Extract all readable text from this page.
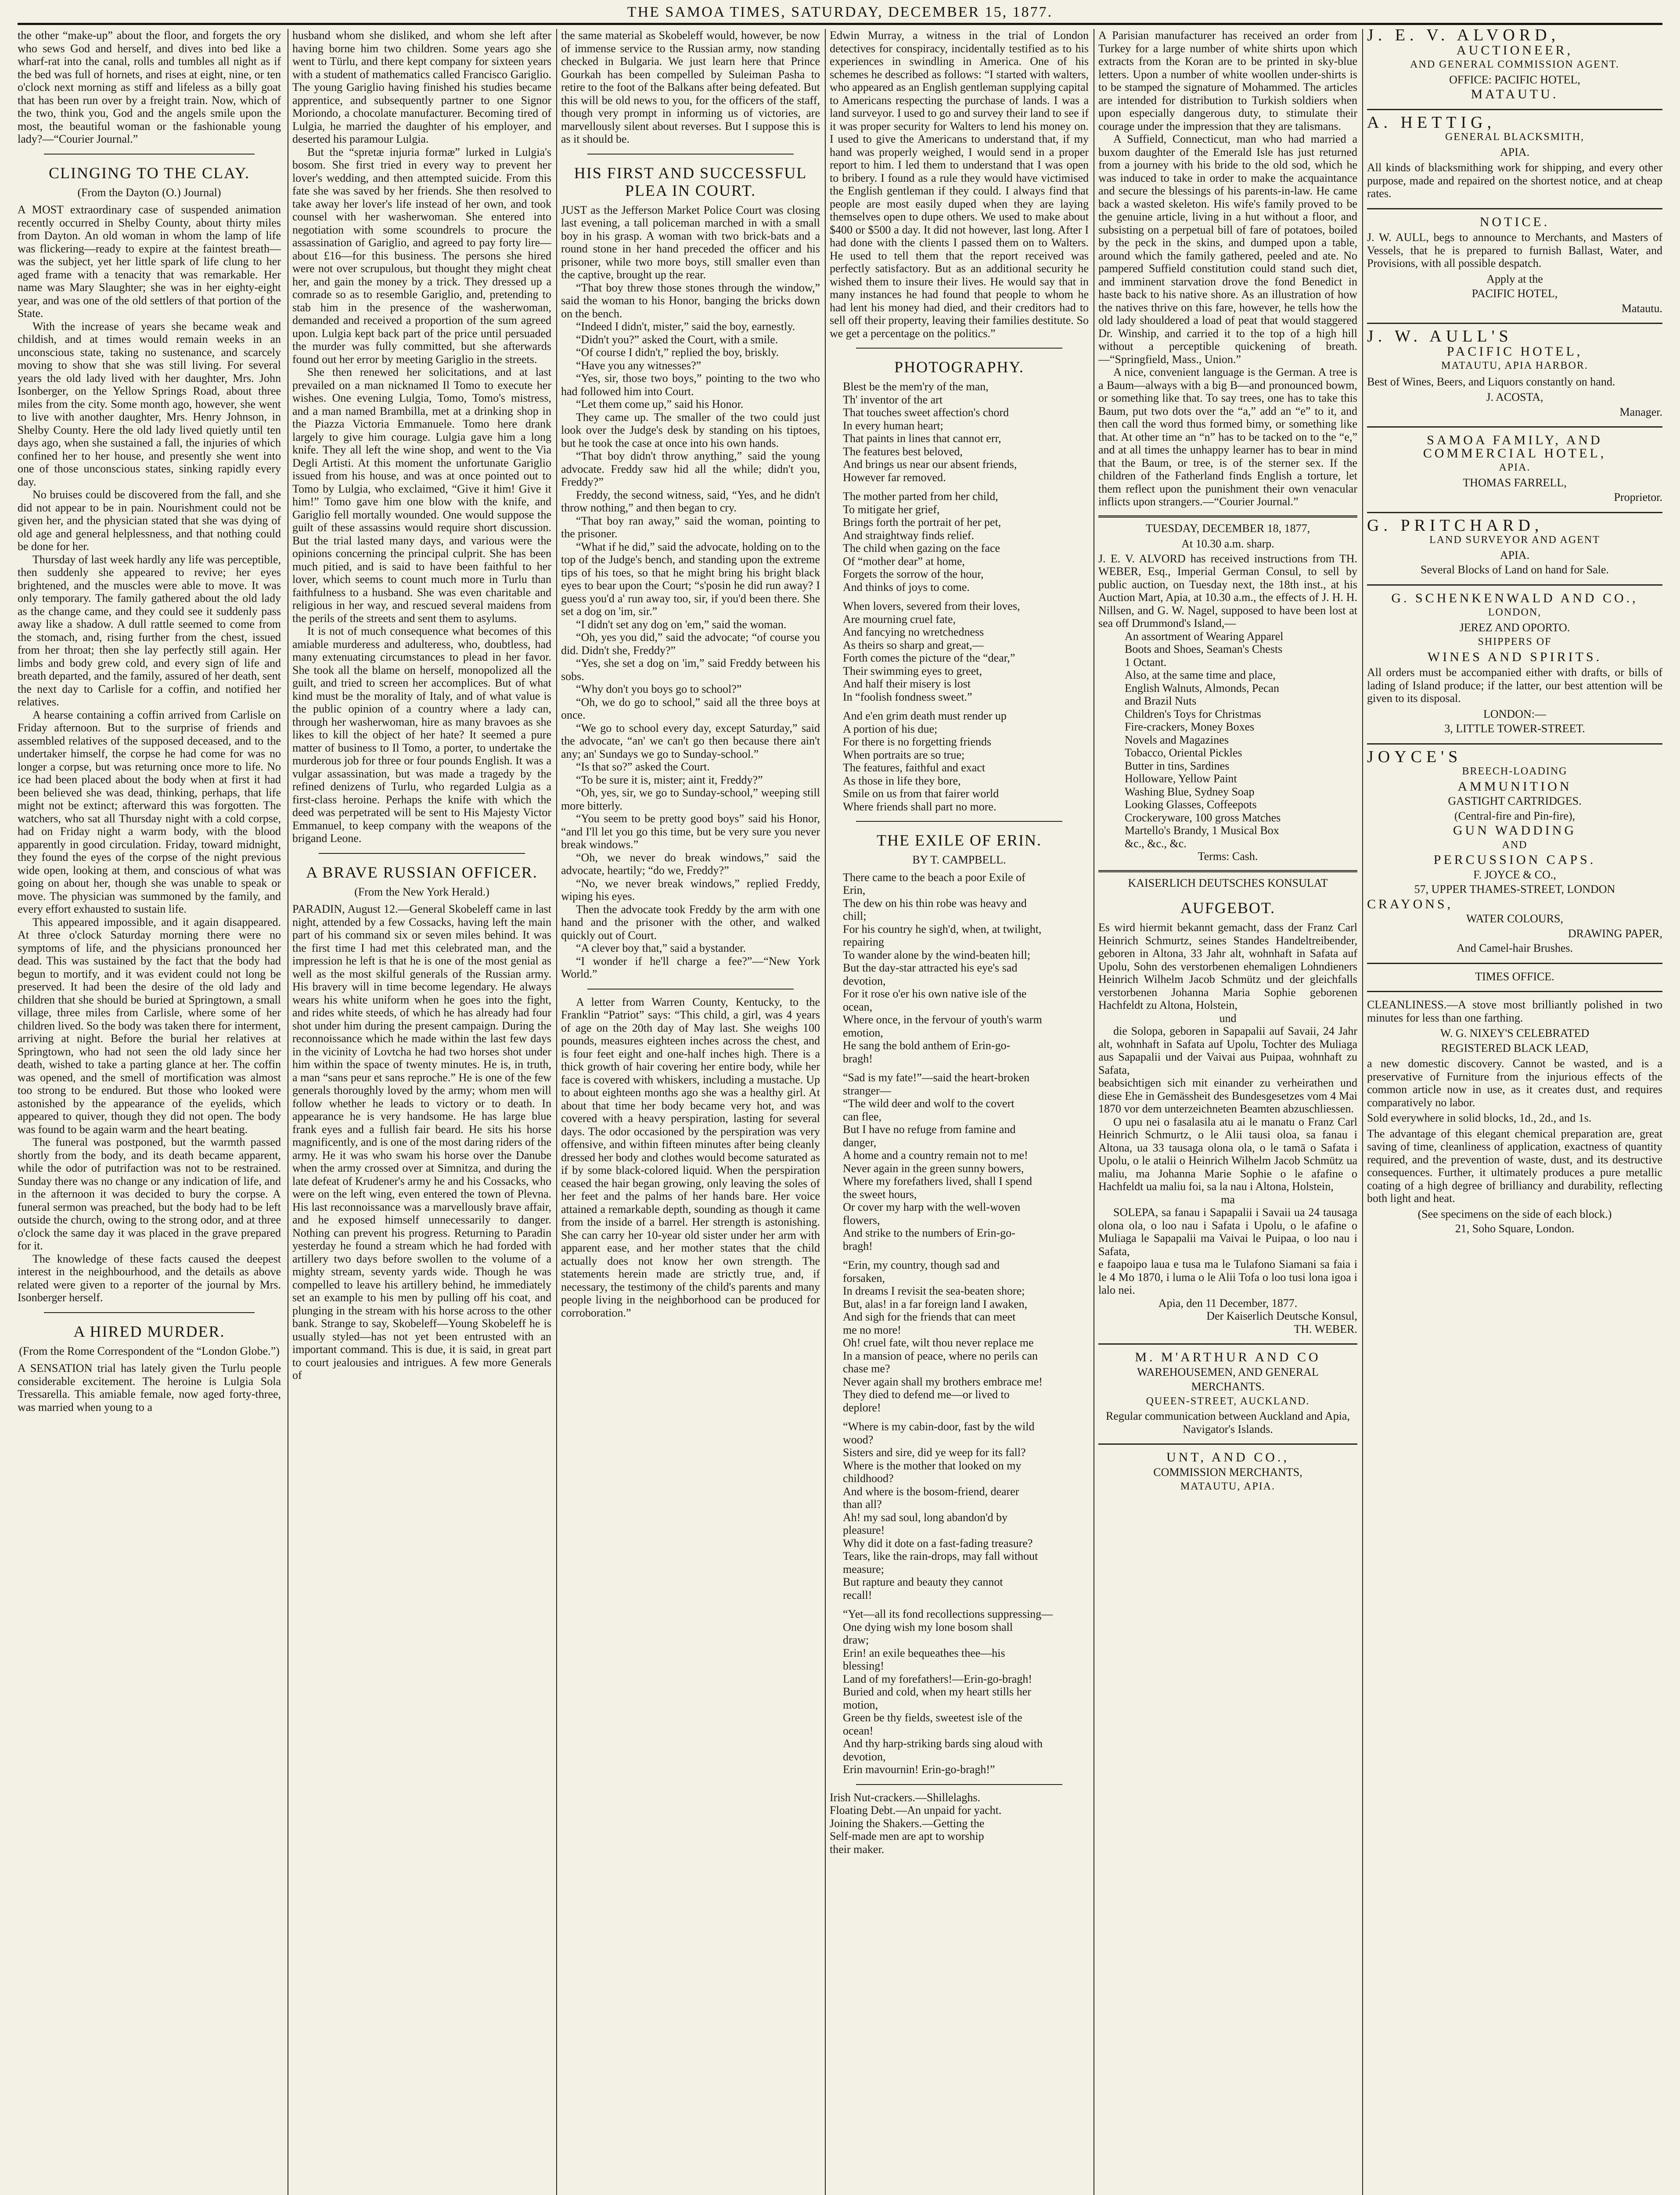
THE SAMOA TIMES, SATURDAY, DECEMBER 15, 1877.

the other “make-up” about the floor, and forgets the ory who sews God and herself, and dives into bed like a wharf-rat into the canal, rolls and tumbles all night as if the bed was full of hornets, and rises at eight, nine, or ten o'clock next morning as stiff and lifeless as a billy goat that has been run over by a freight train. Now, which of the two, think you, God and the angels smile upon the most, the beautiful woman or the fashionable young lady?—“Courier Journal.”

CLINGING TO THE CLAY.
(From the Dayton (O.) Journal)

A MOST extraordinary case of suspended animation recently occurred in Shelby County, about thirty miles from Dayton. An old woman in whom the lamp of life was flickering—ready to expire at the faintest breath—was the subject, yet her little spark of life clung to her aged frame with a tenacity that was remarkable. Her name was Mary Slaughter; she was in her eighty-eight year, and was one of the old settlers of that portion of the State.

With the increase of years she became weak and childish, and at times would remain weeks in an unconscious state, taking no sustenance, and scarcely moving to show that she was still living. For several years the old lady lived with her daughter, Mrs. John Isonberger, on the Yellow Springs Road, about three miles from the city. Some month ago, however, she went to live with another daughter, Mrs. Henry Johnson, in Shelby County. Here the old lady lived quietly until ten days ago, when she sustained a fall, the injuries of which confined her to her house, and presently she went into one of those unconscious states, sinking rapidly every day.

No bruises could be discovered from the fall, and she did not appear to be in pain. Nourishment could not be given her, and the physician stated that she was dying of old age and general helplessness, and that nothing could be done for her.

Thursday of last week hardly any life was perceptible, then suddenly she appeared to revive; her eyes brightened, and the muscles were able to move. It was only temporary. The family gathered about the old lady as the change came, and they could see it suddenly pass away like a shadow. A dull rattle seemed to come from the stomach, and, rising further from the chest, issued from her throat; then she lay perfectly still again. Her limbs and body grew cold, and every sign of life and breath departed, and the family, assured of her death, sent the next day to Carlisle for a coffin, and notified her relatives.

A hearse containing a coffin arrived from Carlisle on Friday afternoon. But to the surprise of friends and assembled relatives of the supposed deceased, and to the undertaker himself, the corpse he had come for was no longer a corpse, but was returning once more to life. No ice had been placed about the body when at first it had been believed she was dead, thinking, perhaps, that life might not be extinct; afterward this was forgotten. The watchers, who sat all Thursday night with a cold corpse, had on Friday night a warm body, with the blood apparently in good circulation. Friday, toward midnight, they found the eyes of the corpse of the night previous wide open, looking at them, and conscious of what was going on about her, though she was unable to speak or move. The physician was summoned by the family, and every effort exhausted to sustain life.

This appeared impossible, and it again disappeared. At three o'clock Saturday morning there were no symptoms of life, and the physicians pronounced her dead. This was sustained by the fact that the body had begun to mortify, and it was evident could not long be preserved. It had been the desire of the old lady and children that she should be buried at Springtown, a small village, three miles from Carlisle, where some of her children lived. So the body was taken there for interment, arriving at night. Before the burial her relatives at Springtown, who had not seen the old lady since her death, wished to take a parting glance at her. The coffin was opened, and the smell of mortification was almost too strong to be endured. But those who looked were astonished by the appearance of the eyelids, which appeared to quiver, though they did not open. The body was found to be again warm and the heart beating.

The funeral was postponed, but the warmth passed shortly from the body, and its death became apparent, while the odor of putrifaction was not to be restrained. Sunday there was no change or any indication of life, and in the afternoon it was decided to bury the corpse. A funeral sermon was preached, but the body had to be left outside the church, owing to the strong odor, and at three o'clock the same day it was placed in the grave prepared for it.

The knowledge of these facts caused the deepest interest in the neighbourhood, and the details as above related were given to a reporter of the journal by Mrs. Isonberger herself.

A HIRED MURDER.
(From the Rome Correspondent of the “London Globe.”)

A SENSATION trial has lately given the Turlu people considerable excitement. The heroine is Lulgia Sola Tressarella. This amiable female, now aged forty-three, was married when young to a

husband whom she disliked, and whom she left after having borne him two children. Some years ago she went to Türlu, and there kept company for sixteen years with a student of mathematics called Francisco Gariglio. The young Gariglio having finished his studies became apprentice, and subsequently partner to one Signor Moriondo, a chocolate manufacturer. Becoming tired of Lulgia, he married the daughter of his employer, and deserted his paramour Lulgia.

But the “spretæ injuria formæ” lurked in Lulgia's bosom. She first tried in every way to prevent her lover's wedding, and then attempted suicide. From this fate she was saved by her friends. She then resolved to take away her lover's life instead of her own, and took counsel with her washerwoman. She entered into negotiation with some scoundrels to procure the assassination of Gariglio, and agreed to pay forty lire—about £16—for this business. The persons she hired were not over scrupulous, but thought they might cheat her, and gain the money by a trick. They dressed up a comrade so as to resemble Gariglio, and, pretending to stab him in the presence of the washerwoman, demanded and received a proportion of the sum agreed upon. Lulgia kept back part of the price until persuaded the murder was fully committed, but she afterwards found out her error by meeting Gariglio in the streets.

She then renewed her solicitations, and at last prevailed on a man nicknamed Il Tomo to execute her wishes. One evening Lulgia, Tomo, Tomo's mistress, and a man named Brambilla, met at a drinking shop in the Piazza Victoria Emmanuele. Tomo here drank largely to give him courage. Lulgia gave him a long knife. They all left the wine shop, and went to the Via Degli Artisti. At this moment the unfortunate Gariglio issued from his house, and was at once pointed out to Tomo by Lulgia, who exclaimed, “Give it him! Give it him!” Tomo gave him one blow with the knife, and Gariglio fell mortally wounded. One would suppose the guilt of these assassins would require short discussion. But the trial lasted many days, and various were the opinions concerning the principal culprit. She has been much pitied, and is said to have been faithful to her lover, which seems to count much more in Turlu than faithfulness to a husband. She was even charitable and religious in her way, and rescued several maidens from the perils of the streets and sent them to asylums.

It is not of much consequence what becomes of this amiable murderess and adulteress, who, doubtless, had many extenuating circumstances to plead in her favor. She took all the blame on herself, monopolized all the guilt, and tried to screen her accomplices. But of what kind must be the morality of Italy, and of what value is the public opinion of a country where a lady can, through her washerwoman, hire as many bravoes as she likes to kill the object of her hate? It seemed a pure matter of business to Il Tomo, a porter, to undertake the murderous job for three or four pounds English. It was a vulgar assassination, but was made a tragedy by the refined denizens of Turlu, who regarded Lulgia as a first-class heroine. Perhaps the knife with which the deed was perpetrated will be sent to His Majesty Victor Emmanuel, to keep company with the weapons of the brigand Leone.

A BRAVE RUSSIAN OFFICER.
(From the New York Herald.)

PARADIN, August 12.—General Skobeleff came in last night, attended by a few Cossacks, having left the main part of his command six or seven miles behind. It was the first time I had met this celebrated man, and the impression he left is that he is one of the most genial as well as the most skilful generals of the Russian army. His bravery will in time become legendary. He always wears his white uniform when he goes into the fight, and rides white steeds, of which he has already had four shot under him during the present campaign. During the reconnoissance which he made within the last few days in the vicinity of Lovtcha he had two horses shot under him within the space of twenty minutes. He is, in truth, a man “sans peur et sans reproche.” He is one of the few generals thoroughly loved by the army; whom men will follow whether he leads to victory or to death. In appearance he is very handsome. He has large blue frank eyes and a fullish fair beard. He sits his horse magnificently, and is one of the most daring riders of the army. He it was who swam his horse over the Danube when the army crossed over at Simnitza, and during the late defeat of Krudener's army he and his Cossacks, who were on the left wing, even entered the town of Plevna. His last reconnoissance was a marvellously brave affair, and he exposed himself unnecessarily to danger. Nothing can prevent his progress. Returning to Paradin yesterday he found a stream which he had forded with artillery two days before swollen to the volume of a mighty stream, seventy yards wide. Though he was compelled to leave his artillery behind, he immediately set an example to his men by pulling off his coat, and plunging in the stream with his horse across to the other bank. Strange to say, Skobeleff—Young Skobeleff he is usually styled—has not yet been entrusted with an important command. This is due, it is said, in great part to court jealousies and intrigues. A few more Generals of

the same material as Skobeleff would, however, be now of immense service to the Russian army, now standing checked in Bulgaria. We just learn here that Prince Gourkah has been compelled by Suleiman Pasha to retire to the foot of the Balkans after being defeated. But this will be old news to you, for the officers of the staff, though very prompt in informing us of victories, are marvellously silent about reverses. But I suppose this is as it should be.

HIS FIRST AND SUCCESSFUL PLEA IN COURT.

JUST as the Jefferson Market Police Court was closing last evening, a tall policeman marched in with a small boy in his grasp. A woman with two brick-bats and a round stone in her hand preceded the officer and his prisoner, while two more boys, still smaller even than the captive, brought up the rear.

“That boy threw those stones through the window,” said the woman to his Honor, banging the bricks down on the bench.

“Indeed I didn't, mister,” said the boy, earnestly.

“Didn't you?” asked the Court, with a smile.

“Of course I didn't,” replied the boy, briskly.

“Have you any witnesses?”

“Yes, sir, those two boys,” pointing to the two who had followed him into Court.

“Let them come up,” said his Honor.

They came up. The smaller of the two could just look over the Judge's desk by standing on his tiptoes, but he took the case at once into his own hands.

“That boy didn't throw anything,” said the young advocate. Freddy saw hid all the while; didn't you, Freddy?”

Freddy, the second witness, said, “Yes, and he didn't throw nothing,” and then began to cry.

“That boy ran away,” said the woman, pointing to the prisoner.

“What if he did,” said the advocate, holding on to the top of the Judge's bench, and standing upon the extreme tips of his toes, so that he might bring his bright black eyes to bear upon the Court; “s'posin he did run away? I guess you'd a' run away too, sir, if you'd been there. She set a dog on 'im, sir.”

“I didn't set any dog on 'em,” said the woman.

“Oh, yes you did,” said the advocate; “of course you did. Didn't she, Freddy?”

“Yes, she set a dog on 'im,” said Freddy between his sobs.

“Why don't you boys go to school?”

“Oh, we do go to school,” said all the three boys at once.

“We go to school every day, except Saturday,” said the advocate, “an' we can't go then because there ain't any; an' Sundays we go to Sunday-school.”

“Is that so?” asked the Court.

“To be sure it is, mister; aint it, Freddy?”

“Oh, yes, sir, we go to Sunday-school,” weeping still more bitterly.

“You seem to be pretty good boys” said his Honor, “and I'll let you go this time, but be very sure you never break windows.”

“Oh, we never do break windows,” said the advocate, heartily; “do we, Freddy?”

“No, we never break windows,” replied Freddy, wiping his eyes.

Then the advocate took Freddy by the arm with one hand and the prisoner with the other, and walked quickly out of Court.

“A clever boy that,” said a bystander.

“I wonder if he'll charge a fee?”—“New York World.”

A letter from Warren County, Kentucky, to the Franklin “Patriot” says: “This child, a girl, was 4 years of age on the 20th day of May last. She weighs 100 pounds, measures eighteen inches across the chest, and is four feet eight and one-half inches high. There is a thick growth of hair covering her entire body, while her face is covered with whiskers, including a mustache. Up to about eighteen months ago she was a healthy girl. At about that time her body became very hot, and was covered with a heavy perspiration, lasting for several days. The odor occasioned by the perspiration was very offensive, and within fifteen minutes after being cleanly dressed her body and clothes would become saturated as if by some black-colored liquid. When the perspiration ceased the hair began growing, only leaving the soles of her feet and the palms of her hands bare. Her voice attained a remarkable depth, sounding as though it came from the inside of a barrel. Her strength is astonishing. She can carry her 10-year old sister under her arm with apparent ease, and her mother states that the child actually does not know her own strength. The statements herein made are strictly true, and, if necessary, the testimony of the child's parents and many people living in the neighborhood can be produced for corroboration.”

Edwin Murray, a witness in the trial of London detectives for conspiracy, incidentally testified as to his experiences in swindling in America. One of his schemes he described as follows: “I started with walters, who appeared as an English gentleman supplying capital to Americans respecting the purchase of lands. I was a land surveyor. I used to go and survey their land to see if it was proper security for Walters to lend his money on. I used to give the Americans to understand that, if my hand was properly weighed, I would send in a proper report to him. I led them to understand that I was open to bribery. I found as a rule they would have victimised the English gentleman if they could. I always find that people are most easily duped when they are laying themselves open to dupe others. We used to make about $400 or $500 a day. It did not however, last long. After I had done with the clients I passed them on to Walters. He used to tell them that the report received was perfectly satisfactory. But as an additional security he wished them to insure their lives. He would say that in many instances he had found that people to whom he had lent his money had died, and their creditors had to sell off their property, leaving their families destitute. So we get a percentage on the politics.”

PHOTOGRAPHY.
Blest be the mem'ry of the man,
Th' inventor of the art
That touches sweet affection's chord
In every human heart;
That paints in lines that cannot err,
The features best beloved,
And brings us near our absent friends,
However far removed.
The mother parted from her child,
To mitigate her grief,
Brings forth the portrait of her pet,
And straightway finds relief.
The child when gazing on the face
Of “mother dear” at home,
Forgets the sorrow of the hour,
And thinks of joys to come.
When lovers, severed from their loves,
Are mourning cruel fate,
And fancying no wretchedness
As theirs so sharp and great,—
Forth comes the picture of the “dear,”
Their swimming eyes to greet,
And half their misery is lost
In “foolish fondness sweet.”
And e'en grim death must render up
A portion of his due;
For there is no forgetting friends
When portraits are so true;
The features, faithful and exact
As those in life they bore,
Smile on us from that fairer world
Where friends shall part no more.
THE EXILE OF ERIN.
BY T. CAMPBELL.
There came to the beach a poor Exile of
Erin,
The dew on his thin robe was heavy and
chill;
For his country he sigh'd, when, at twilight,
repairing
To wander alone by the wind-beaten hill;
But the day-star attracted his eye's sad
devotion,
For it rose o'er his own native isle of the
ocean,
Where once, in the fervour of youth's warm
emotion,
He sang the bold anthem of Erin-go-
bragh!
“Sad is my fate!”—said the heart-broken
stranger—
“The wild deer and wolf to the covert
can flee,
But I have no refuge from famine and
danger,
A home and a country remain not to me!
Never again in the green sunny bowers,
Where my forefathers lived, shall I spend
the sweet hours,
Or cover my harp with the well-woven
flowers,
And strike to the numbers of Erin-go-
bragh!
“Erin, my country, though sad and
forsaken,
In dreams I revisit the sea-beaten shore;
But, alas! in a far foreign land I awaken,
And sigh for the friends that can meet
me no more!
Oh! cruel fate, wilt thou never replace me
In a mansion of peace, where no perils can
chase me?
Never again shall my brothers embrace me!
They died to defend me—or lived to
deplore!
“Where is my cabin-door, fast by the wild
wood?
Sisters and sire, did ye weep for its fall?
Where is the mother that looked on my
childhood?
And where is the bosom-friend, dearer
than all?
Ah! my sad soul, long abandon'd by
pleasure!
Why did it dote on a fast-fading treasure?
Tears, like the rain-drops, may fall without
measure;
But rapture and beauty they cannot
recall!
“Yet—all its fond recollections suppressing—
One dying wish my lone bosom shall
draw;
Erin! an exile bequeathes thee—his
blessing!
Land of my forefathers!—Erin-go-bragh!
Buried and cold, when my heart stills her
motion,
Green be thy fields, sweetest isle of the
ocean!
And thy harp-striking bards sing aloud with
devotion,
Erin mavournin! Erin-go-bragh!”
Irish Nut-crackers.—Shillelaghs.
Floating Debt.—An unpaid for yacht.
Joining the Shakers.—Getting the
Self-made men are apt to worship
their maker.

A Parisian manufacturer has received an order from Turkey for a large number of white shirts upon which extracts from the Koran are to be printed in sky-blue letters. Upon a number of white woollen under-shirts is to be stamped the signature of Mohammed. The articles are intended for distribution to Turkish soldiers when upon especially dangerous duty, to stimulate their courage under the impression that they are talismans.

A Suffield, Connecticut, man who had married a buxom daughter of the Emerald Isle has just returned from a journey with his bride to the old sod, which he was induced to take in order to make the acquaintance and secure the blessings of his parents-in-law. He came back a wasted skeleton. His wife's family proved to be the genuine article, living in a hut without a floor, and subsisting on a perpetual bill of fare of potatoes, boiled by the peck in the skins, and dumped upon a table, around which the family gathered, peeled and ate. No pampered Suffield constitution could stand such diet, and imminent starvation drove the fond Benedict in haste back to his native shore. As an illustration of how the natives thrive on this fare, however, he tells how the old lady shouldered a load of peat that would staggered Dr. Winship, and carried it to the top of a high hill without a perceptible quickening of breath.—“Springfield, Mass., Union.”

A nice, convenient language is the German. A tree is a Baum—always with a big B—and pronounced bowm, or something like that. To say trees, one has to take this Baum, put two dots over the “a,” add an “e” to it, and then call the word thus formed bimy, or something like that. At other time an “n” has to be tacked on to the “e,” and at all times the unhappy learner has to bear in mind that the Baum, or tree, is of the sterner sex. If the children of the Fatherland finds English a torture, let them reflect upon the punishment their own venacular inflicts upon strangers.—“Courier Journal.”

TUESDAY, DECEMBER 18, 1877,
At 10.30 a.m. sharp.

J. E. V. ALVORD has received instructions from TH. WEBER, Esq., Imperial German Consul, to sell by public auction, on Tuesday next, the 18th inst., at his Auction Mart, Apia, at 10.30 a.m., the effects of J. H. H. Nillsen, and G. W. Nagel, supposed to have been lost at sea off Drummond's Island,—

An assortment of Wearing Apparel
Boots and Shoes, Seaman's Chests
1 Octant.
Also, at the same time and place,
English Walnuts, Almonds, Pecan
and Brazil Nuts
Children's Toys for Christmas
Fire-crackers, Money Boxes
Novels and Magazines
Tobacco, Oriental Pickles
Butter in tins, Sardines
Holloware, Yellow Paint
Washing Blue, Sydney Soap
Looking Glasses, Coffeepots
Crockeryware, 100 gross Matches
Martello's Brandy, 1 Musical Box
&c., &c., &c.
Terms: Cash.
KAISERLICH DEUTSCHES KONSULAT
AUFGEBOT.

Es wird hiermit bekannt gemacht, dass der Franz Carl Heinrich Schmurtz, seines Standes Handeltreibender, geboren in Altona, 33 Jahr alt, wohnhaft in Safata auf Upolu, Sohn des verstorbenen ehemaligen Lohndieners Heinrich Wilhelm Jacob Schmütz und der gleichfalls verstorbenen Johanna Maria Sophie geborenen Hachfeldt zu Altona, Holstein,

und

die Solopa, geboren in Sapapalii auf Savaii, 24 Jahr alt, wohnhaft in Safata auf Upolu, Tochter des Muliaga aus Sapapalii und der Vaivai aus Puipaa, wohnhaft zu Safata,

beabsichtigen sich mit einander zu verheirathen und diese Ehe in Gemässheit des Bundesgesetzes vom 4 Mai 1870 vor dem unterzeichneten Beamten abzuschliessen.

O upu nei o fasalasila atu ai le manatu o Franz Carl Heinrich Schmurtz, o le Alii tausi oloa, sa fanau i Altona, ua 33 tausaga olona ola, o le tamā o Safata i Upolu, o le atalii o Heinrich Wilhelm Jacob Schmütz ua maliu, ma Johanna Marie Sophie o le afafine o Hachfeldt ua maliu foi, sa la nau i Altona, Holstein,

ma

SOLEPA, sa fanau i Sapapalii i Savaii ua 24 tausaga olona ola, o loo nau i Safata i Upolu, o le afafine o Muliaga le Sapapalii ma Vaivai le Puipaa, o loo nau i Safata,

e faapoipo laua e tusa ma le Tulafono Siamani sa faia i le 4 Mo 1870, i luma o le Alii Tofa o loo tusi lona igoa i lalo nei.

Apia, den 11 December, 1877.
Der Kaiserlich Deutsche Konsul,
TH. WEBER.
M. M'ARTHUR AND CO
WAREHOUSEMEN, AND GENERAL
MERCHANTS.
QUEEN-STREET, AUCKLAND.
Regular communication between Auckland and Apia, Navigator's Islands.
UNT, AND CO.,
COMMISSION MERCHANTS,
MATAUTU, APIA.
J. E. V. ALVORD,
AUCTIONEER,
AND GENERAL COMMISSION AGENT.
OFFICE: PACIFIC HOTEL,
MATAUTU.
A. HETTIG,
GENERAL BLACKSMITH,
APIA.

All kinds of blacksmithing work for shipping, and every other purpose, made and repaired on the shortest notice, and at cheap rates.

NOTICE.

J. W. AULL, begs to announce to Merchants, and Masters of Vessels, that he is prepared to furnish Ballast, Water, and Provisions, with all possible despatch.

Apply at the
PACIFIC HOTEL,
Matautu.
J. W. AULL'S
PACIFIC HOTEL,
MATAUTU, APIA HARBOR.

Best of Wines, Beers, and Liquors constantly on hand.

J. ACOSTA,
Manager.
SAMOA FAMILY, AND COMMERCIAL HOTEL,
APIA.
THOMAS FARRELL,
Proprietor.
G. PRITCHARD,
LAND SURVEYOR AND AGENT
APIA.
Several Blocks of Land on hand for Sale.
G. SCHENKENWALD AND CO.,
LONDON,
JEREZ AND OPORTO.
SHIPPERS OF
WINES AND SPIRITS.

All orders must be accompanied either with drafts, or bills of lading of Island produce; if the latter, our best attention will be given to its disposal.

LONDON:—
3, LITTLE TOWER-STREET.
JOYCE'S
BREECH-LOADING
AMMUNITION
GASTIGHT CARTRIDGES.
(Central-fire and Pin-fire),
GUN WADDING
AND
PERCUSSION CAPS.
F. JOYCE & CO.,
57, UPPER THAMES-STREET, LONDON
CRAYONS,
WATER COLOURS,
DRAWING PAPER,
And Camel-hair Brushes.
TIMES OFFICE.

CLEANLINESS.—A stove most brilliantly polished in two minutes for less than one farthing.

W. G. NIXEY'S CELEBRATED
REGISTERED BLACK LEAD,

a new domestic discovery. Cannot be wasted, and is a preservative of Furniture from the injurious effects of the common article now in use, as it creates dust, and requires comparatively no labor.

Sold everywhere in solid blocks, 1d., 2d., and 1s.

The advantage of this elegant chemical preparation are, great saving of time, cleanliness of application, exactness of quantity required, and the prevention of waste, dust, and its destructive consequences. Further, it ultimately produces a pure metallic coating of a high degree of brilliancy and durability, reflecting both light and heat.

(See specimens on the side of each block.)
21, Soho Square, London.
